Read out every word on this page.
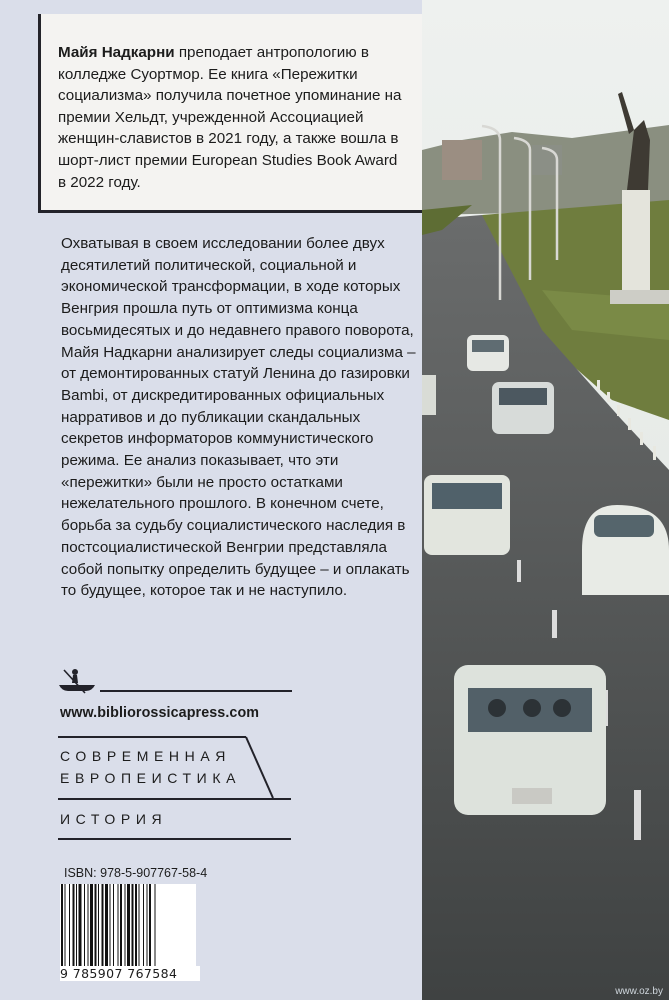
Майя Надкарни преподает антропологию в колледже Суортмор. Ее книга «Пережитки социализма» получила почетное упоминание на премии Хельдт, учрежденной Ассоциацией женщин-славистов в 2021 году, а также вошла в шорт-лист премии European Studies Book Award в 2022 году.

Охватывая в своем исследовании более двух десятилетий политической, социальной и экономической трансформации, в ходе которых Венгрия прошла путь от оптимизма конца восьмидесятых и до недавнего правого поворота, Майя Надкарни анализирует следы социализма – от демонтированных статуй Ленина до газировки Bambi, от дискредитированных официальных нарративов и до публикации скандальных секретов информаторов коммунистического режима. Ее анализ показывает, что эти «пережитки» были не просто остатками нежелательного прошлого. В конечном счете, борьба за судьбу социалистического наследия в постсоциалистической Венгрии представляла собой попытку определить будущее – и оплакать то будущее, которое так и не наступило.

www.bibliorossicapress.com
СОВРЕМЕННАЯ
ЕВРОПЕИСТИКА
ИСТОРИЯ
ISBN: 978-5-907767-58-4
9 785907 767584
www.oz.by
